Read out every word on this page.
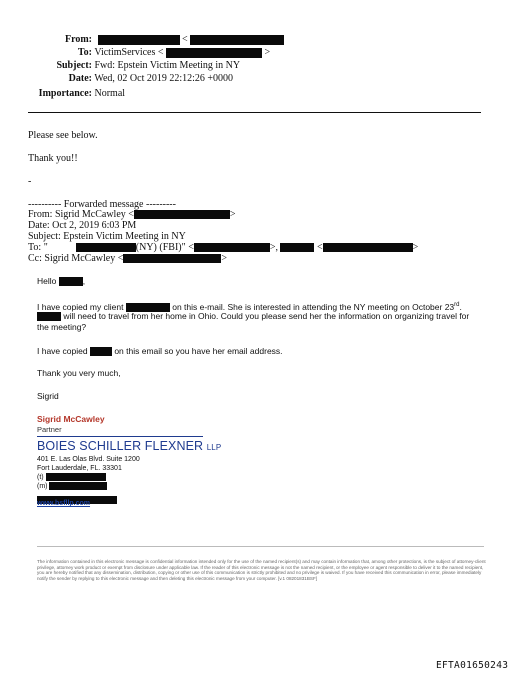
From:	<
To: VictimServices <	>
Subject: Fwd: Epstein Victim Meeting in NY
Date: Wed, 02 Oct 2019 22:12:26 +0000
Importance: Normal
Please see below.
Thank you!!
-
---------- Forwarded message ---------
From: Sigrid McCawley <	>
Date: Oct 2, 2019 6:03 PM
Subject: Epstein Victim Meeting in NY
To: "	(NY) (FBI)" <	>,	<	>
Cc: Sigrid McCawley <	>
Hello	,
I have copied my client	on this e-mail. She is interested in attending the NY meeting on October 23rd.
will need to travel from her home in Ohio. Could you please send her the information on organizing travel for
the meeting?
I have copied	on this email so you have her email address.
Thank you very much,
Sigrid
Sigrid McCawley
Partner
BOIES SCHILLER FLEXNER LLP
401 E. Las Olas Blvd. Suite 1200
Fort Lauderdale, FL. 33301
(t)
(m)
www.bsfllp.com
The information contained in this electronic message is confidential information intended only for the use of the named recipient(s) and may contain information that, among other protections, is the subject of attorney-client privilege, attorney work product or exempt from disclosure under applicable law. If the reader of this electronic message is not the named recipient, or the employee or agent responsible to deliver it to the named recipient, you are hereby notified that any dissemination, distribution, copying or other use of this communication is strictly prohibited and no privilege is waived. If you have received this communication in error, please immediately notify the sender by replying to this electronic message and then deleting this electronic message from your computer. [v.1 08201831BSF]
EFTA01650243
